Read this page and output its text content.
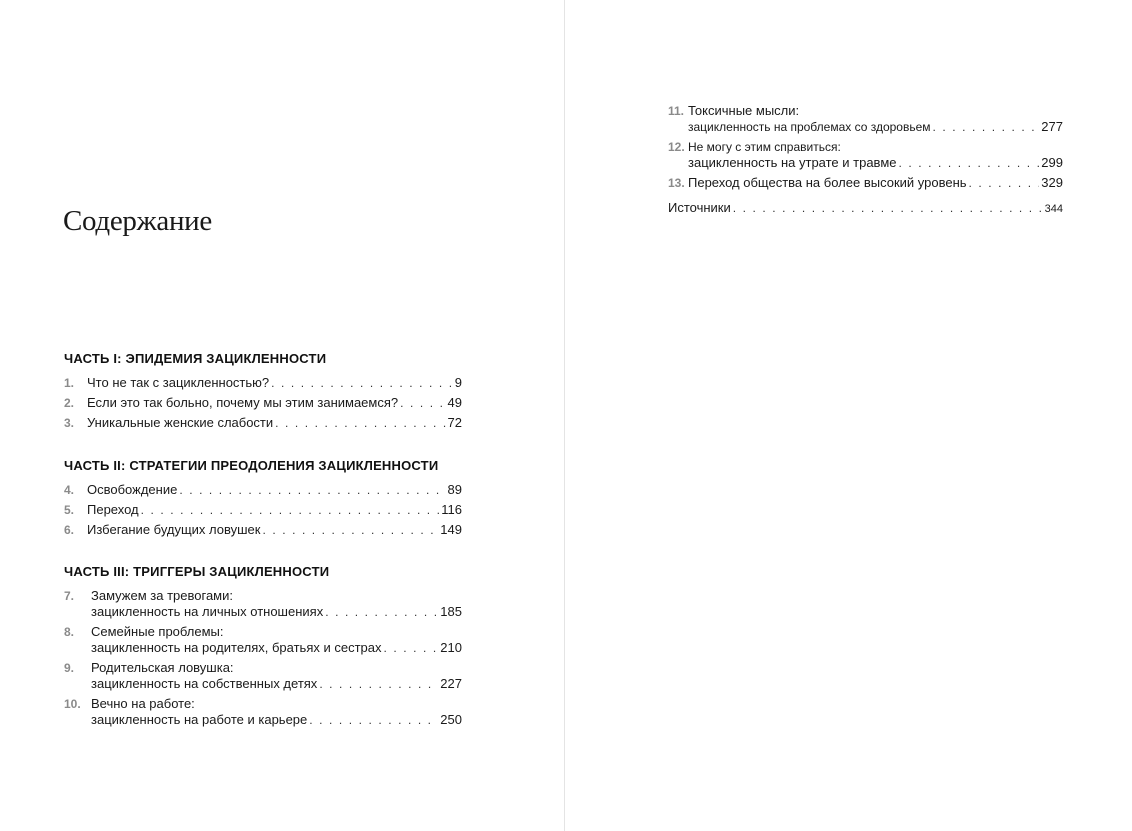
Содержание
ЧАСТЬ I: ЭПИДЕМИЯ ЗАЦИКЛЕННОСТИ
1. Что не так с зацикленностью? . . .	9
2. Если это так больно, почему мы этим занимаемся? . . .	49
3. Уникальные женские слабости . . .	72
ЧАСТЬ II: СТРАТЕГИИ ПРЕОДОЛЕНИЯ ЗАЦИКЛЕННОСТИ
4. Освобождение . . .	89
5. Переход . . .	116
6. Избегание будущих ловушек . . .	149
ЧАСТЬ III: ТРИГГЕРЫ ЗАЦИКЛЕННОСТИ
7.	Замужем за тревогами:
зацикленность на личных отношениях . . .	185
8.	Семейные проблемы:
зацикленность на родителях, братьях и сестрах . . .	210
9.	Родительская ловушка:
зацикленность на собственных детях . . .	227
10. Вечно на работе:
зацикленность на работе и карьере . . .	250
11. Токсичные мысли:
зацикленность на проблемах со здоровьем . . .	277
12. Не могу с этим справиться:
зацикленность на утрате и травме . . .	299
13. Переход общества на более высокий уровень . . .	329
Источники . . .	344
